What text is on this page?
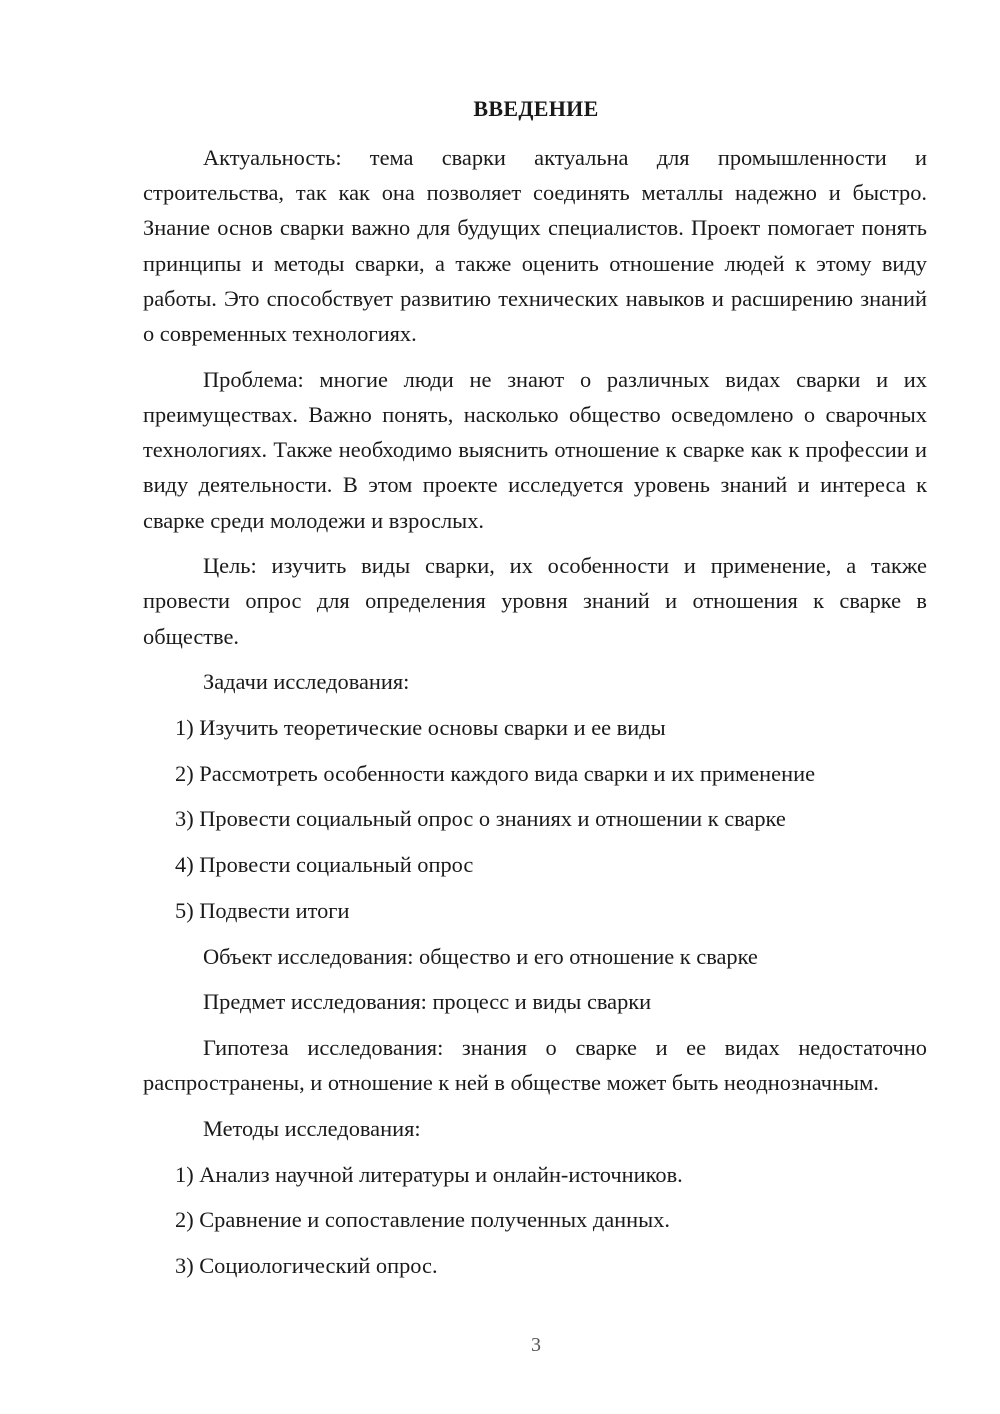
ВВЕДЕНИЕ

Актуальность: тема сварки актуальна для промышленности и строительства, так как она позволяет соединять металлы надежно и быстро. Знание основ сварки важно для будущих специалистов. Проект помогает понять принципы и методы сварки, а также оценить отношение людей к этому виду работы. Это способствует развитию технических навыков и расширению знаний о современных технологиях.

Проблема: многие люди не знают о различных видах сварки и их преимуществах. Важно понять, насколько общество осведомлено о сварочных технологиях. Также необходимо выяснить отношение к сварке как к профессии и виду деятельности. В этом проекте исследуется уровень знаний и интереса к сварке среди молодежи и взрослых.

Цель: изучить виды сварки, их особенности и применение, а также провести опрос для определения уровня знаний и отношения к сварке в обществе.

Задачи исследования:

1) Изучить теоретические основы сварки и ее виды
2) Рассмотреть особенности каждого вида сварки и их применение
3) Провести социальный опрос о знаниях и отношении к сварке
4) Провести социальный опрос
5) Подвести итоги

Объект исследования: общество и его отношение к сварке

Предмет исследования: процесс и виды сварки

Гипотеза исследования: знания о сварке и ее видах недостаточно распространены, и отношение к ней в обществе может быть неоднозначным.

Методы исследования:

1) Анализ научной литературы и онлайн-источников.
2) Сравнение и сопоставление полученных данных.
3) Социологический опрос.
3
